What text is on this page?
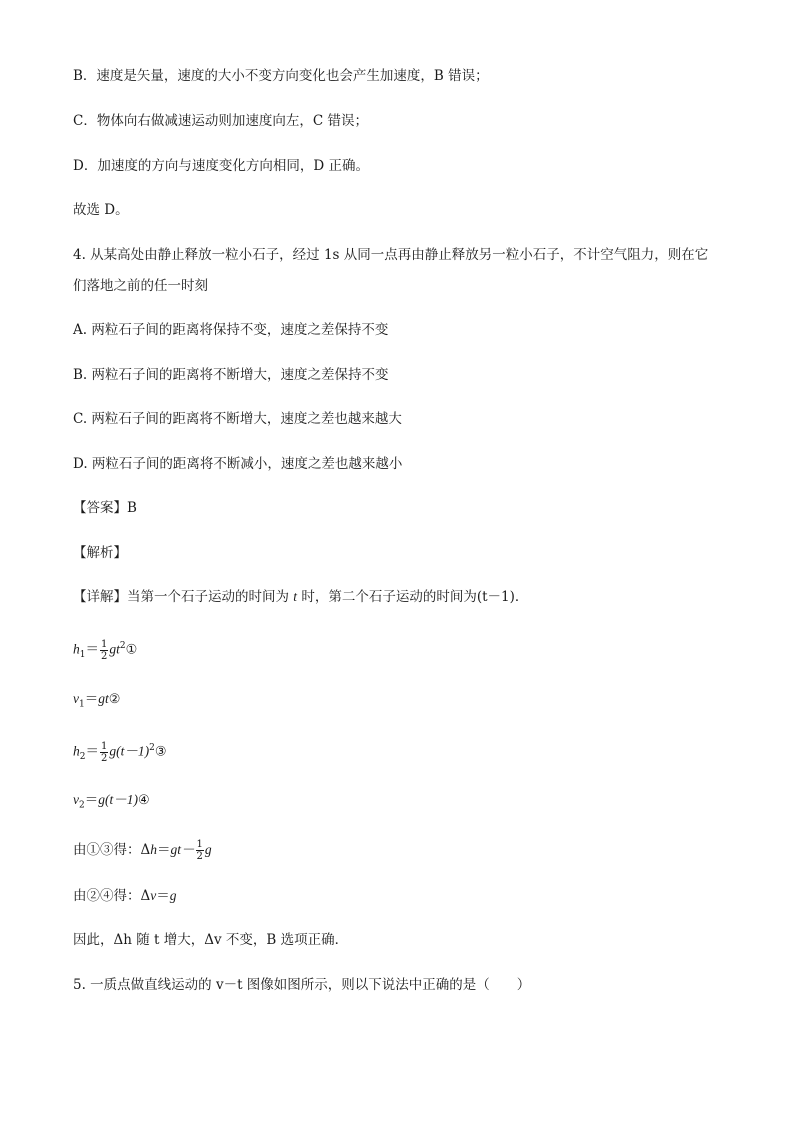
B．速度是矢量，速度的大小不变方向变化也会产生加速度，B 错误；
C．物体向右做减速运动则加速度向左，C 错误；
D．加速度的方向与速度变化方向相同，D 正确。
故选 D。
4. 从某高处由静止释放一粒小石子，经过 1s 从同一点再由静止释放另一粒小石子，不计空气阻力，则在它
们落地之前的任一时刻
A. 两粒石子间的距离将保持不变，速度之差保持不变
B. 两粒石子间的距离将不断增大，速度之差保持不变
C. 两粒石子间的距离将不断增大，速度之差也越来越大
D. 两粒石子间的距离将不断减小，速度之差也越来越小
【答案】B
【解析】
【详解】当第一个石子运动的时间为 t 时，第二个石子运动的时间为(t－1)．
$h_1= \frac{1}{2}$ $gt^2①$
$v_1=gt②$
$h_2= \frac{1}{2}$ $g(t-1)^2③$
$v_2=g(t-1)④$
由①③得：$\Delta h=gt- \frac{1}{2}$ g
由②④得：Δv＝g
因此，Δh 随 t 增大，Δv 不变，B 选项正确．
5. 一质点做直线运动的 v－t 图像如图所示，则以下说法中正确的是（　　）
